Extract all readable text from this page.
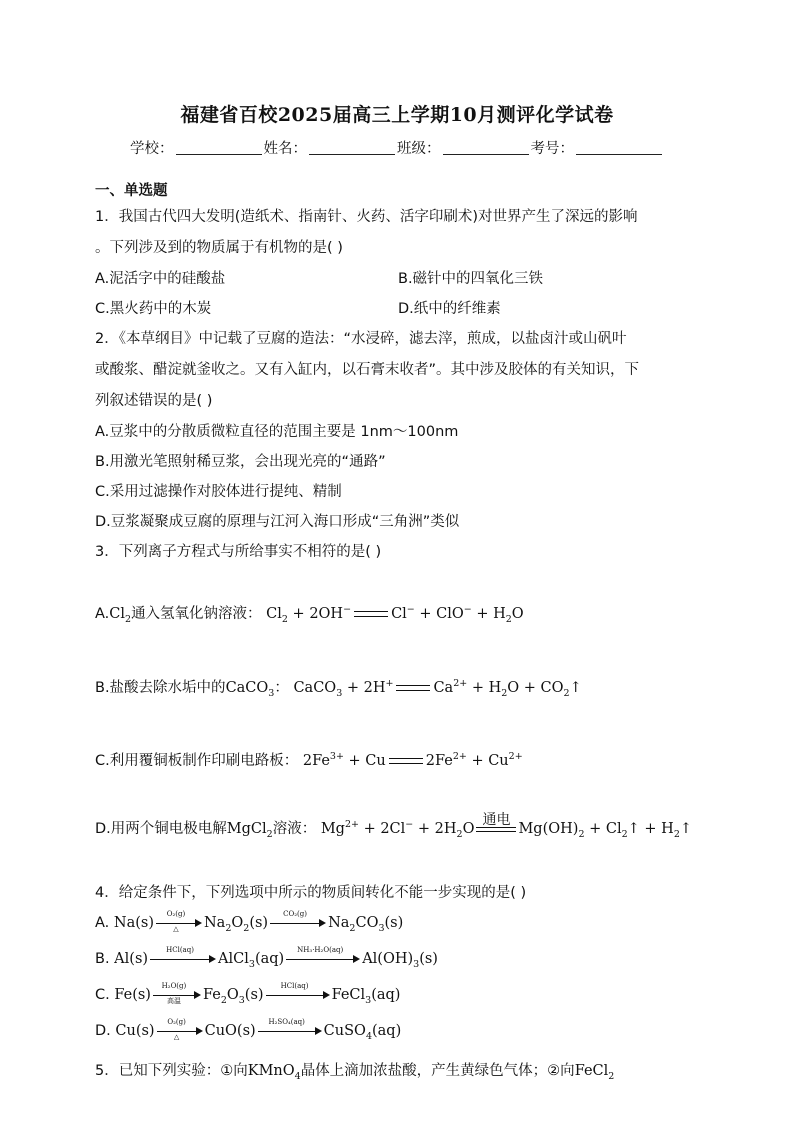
福建省百校2025届高三上学期10月测评化学试卷
学校：	姓名：	班级：	考号：
一、单选题
1．我国古代四大发明(造纸术、指南针、火药、活字印刷术)对世界产生了深远的影响
。下列涉及到的物质属于有机物的是( )
A.泥活字中的硅酸盐	B.磁针中的四氧化三铁
C.黑火药中的木炭	D.纸中的纤维素
2．《本草纲目》中记载了豆腐的造法：“水浸碎，滤去滓，煎成，以盐卤汁或山矾叶
或酸浆、醋淀就釜收之。又有入缸内，以石膏末收者”。其中涉及胶体的有关知识，下
列叙述错误的是( )
A.豆浆中的分散质微粒直径的范围主要是 1nm～100nm
B.用激光笔照射稀豆浆，会出现光亮的“通路”
C.采用过滤操作对胶体进行提纯、精制
D.豆浆凝聚成豆腐的原理与江河入海口形成“三角洲”类似
3．下列离子方程式与所给事实不相符的是( )
$A.Cl_2$通入氢氧化钠溶液： $Cl_2 + 2OH^-$	$Cl^- + ClO^- + H_2O$
B.盐酸去除水垢中的CaCO$_3$： CaCO$_3$ + 2H+	$Ca^{2+} + H_2O$ + $CO_2↑$
C.利用覆铜板制作印刷电路板： $2Fe^{3+} + Cu$	$2Fe^{2+} + Cu^{2+}$
D.用两个铜电极电解MgCl$_2$溶液： $Mg^{2+} + 2Cl^- + 2H_2O$
通电
$Mg(OH)_2$ + $Cl_2↑$ + $H_2↑$
4．给定条件下，下列选项中所示的物质间转化不能一步实现的是( )
A. Na(s)
O₂(g)
△	$Na_2O_2(s)$
CO₂(g)
$Na_2CO_3(s)$
B. Al(s)
HCl(aq)
AlCl$_3$(aq)
NH₃·H₂O(aq)
$Al(OH)_3(s)$
C. Fe(s)
H₂O(g)
高温	$Fe_2O_3(s)$
HCl(aq)
FeCl$_3$(aq)
D. Cu(s)
O₂(g)
△	CuO(s)
H₂SO₄(aq)
CuSO$_4$(aq)
5．已知下列实验：①向KMnO$_4$晶体上滴加浓盐酸，产生黄绿色气体；②向FeCl$_2$
